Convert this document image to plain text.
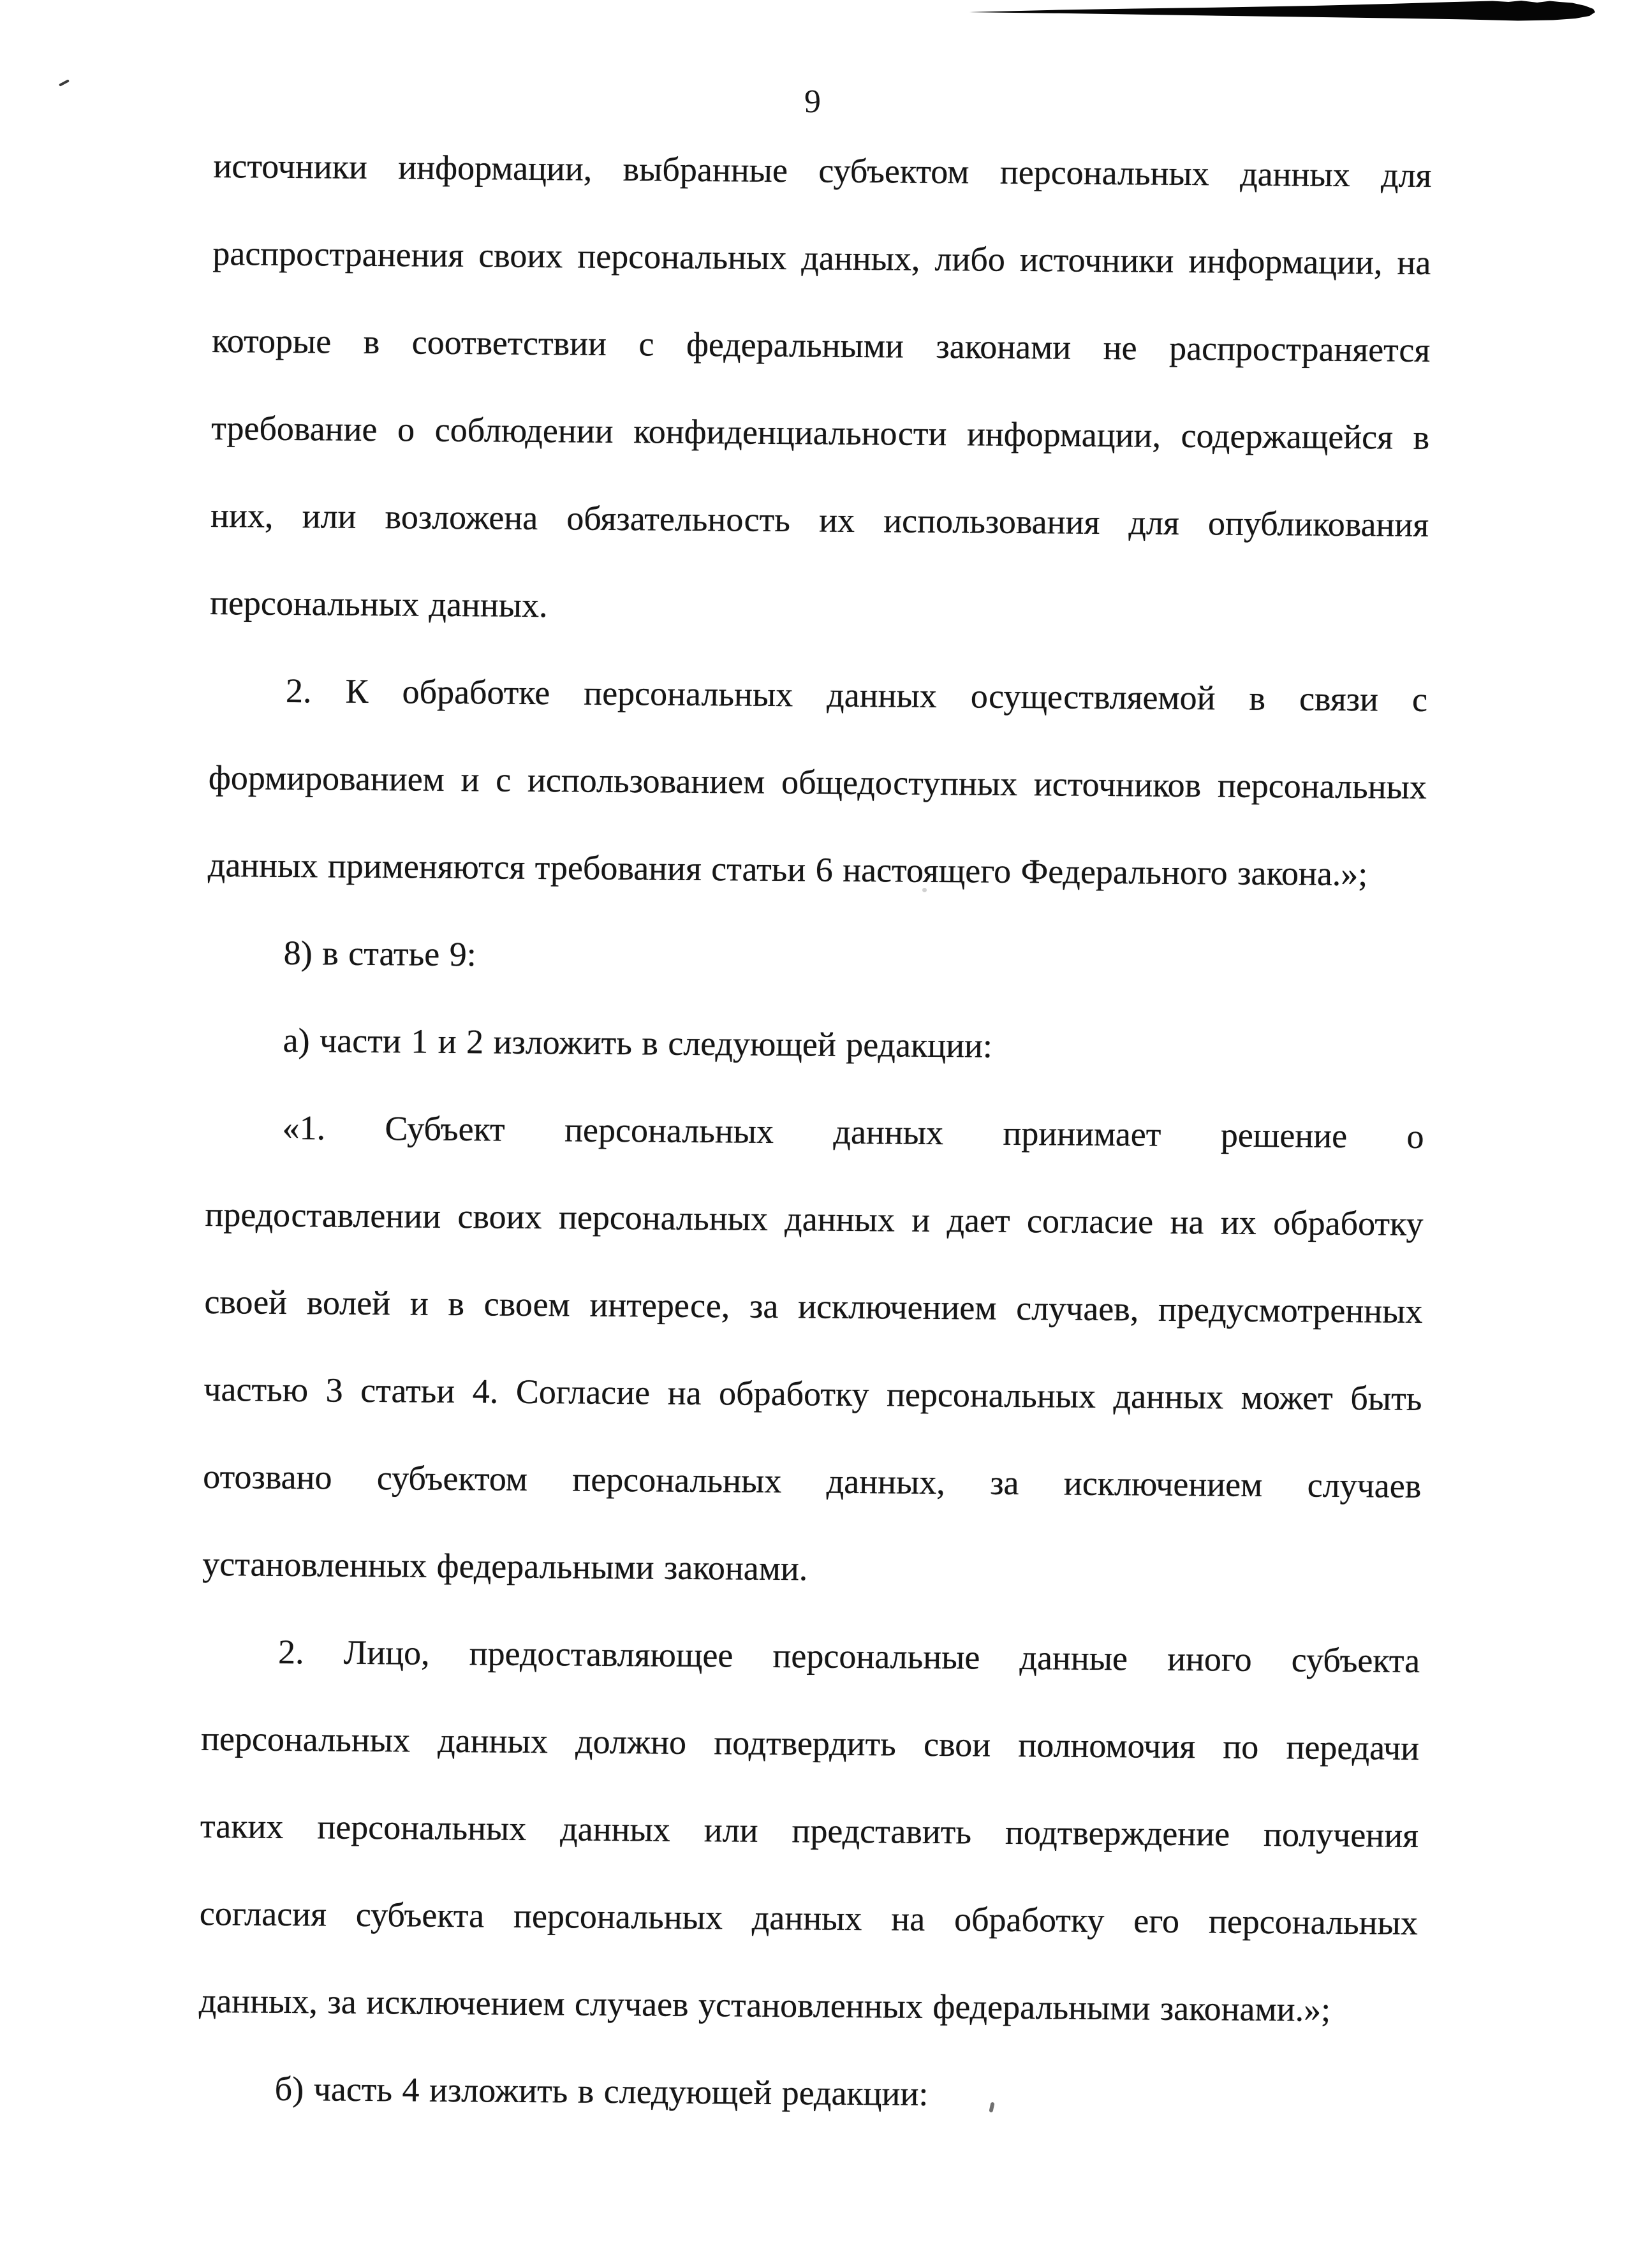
9
источники информации, выбранные субъектом персональных данных для
распространения своих персональных данных, либо источники информации, на
которые в соответствии с федеральными законами не распространяется
требование о соблюдении конфиденциальности информации, содержащейся в
них, или возложена обязательность их использования для опубликования
персональных данных.
2. К обработке персональных данных осуществляемой в связи с
формированием и с использованием общедоступных источников персональных
данных применяются требования статьи 6 настоящего Федерального закона.»;
8) в статье 9:
а) части 1 и 2 изложить в следующей редакции:
«1. Субъект персональных данных принимает решение о
предоставлении своих персональных данных и дает согласие на их обработку
своей волей и в своем интересе, за исключением случаев, предусмотренных
частью 3 статьи 4. Согласие на обработку персональных данных может быть
отозвано субъектом персональных данных, за исключением случаев
установленных федеральными законами.
2. Лицо, предоставляющее персональные данные иного субъекта
персональных данных должно подтвердить свои полномочия по передачи
таких персональных данных или представить подтверждение получения
согласия субъекта персональных данных на обработку его персональных
данных, за исключением случаев установленных федеральными законами.»;
б) часть 4 изложить в следующей редакции:
